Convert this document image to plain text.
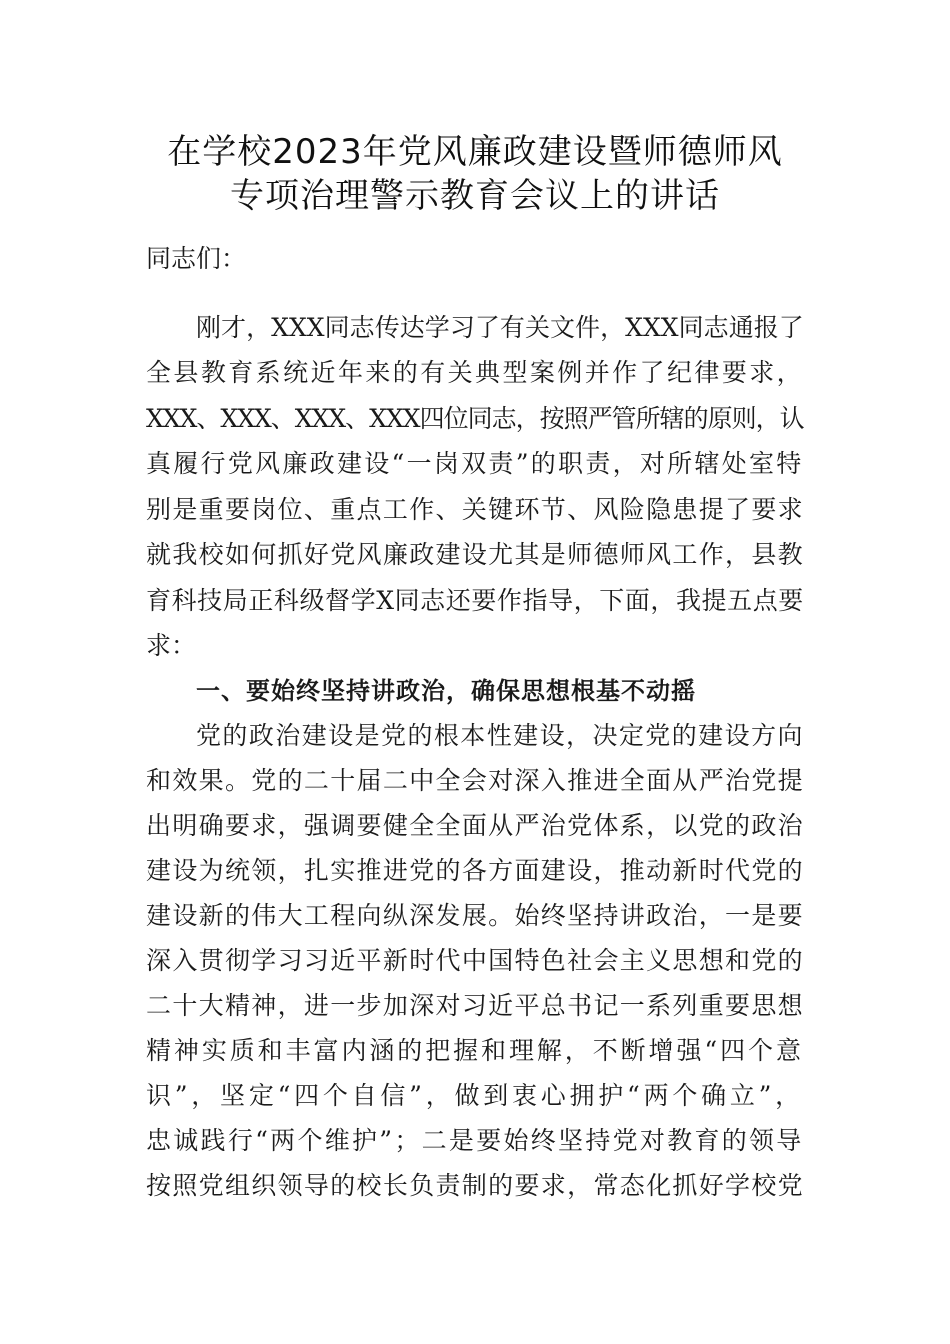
在学校2023年党风廉政建设暨师德师风
专项治理警示教育会议上的讲话
同志们：
刚才，XXX同志传达学习了有关文件，XXX同志通报了
全县教育系统近年来的有关典型案例并作了纪律要求，
XXX、XXX、XXX、XXX四位同志，按照严管所辖的原则，认
真履行党风廉政建设“一岗双责”的职责，对所辖处室特
别是重要岗位、重点工作、关键环节、风险隐患提了要求
就我校如何抓好党风廉政建设尤其是师德师风工作，县教
育科技局正科级督学X同志还要作指导，下面，我提五点要
求：
一、要始终坚持讲政治，确保思想根基不动摇
党的政治建设是党的根本性建设，决定党的建设方向
和效果。党的二十届二中全会对深入推进全面从严治党提
出明确要求，强调要健全全面从严治党体系，以党的政治
建设为统领，扎实推进党的各方面建设，推动新时代党的
建设新的伟大工程向纵深发展。始终坚持讲政治，一是要
深入贯彻学习习近平新时代中国特色社会主义思想和党的
二十大精神，进一步加深对习近平总书记一系列重要思想
精神实质和丰富内涵的把握和理解，不断增强“四个意
识”，坚定“四个自信”，做到衷心拥护“两个确立”，
忠诚践行“两个维护”；二是要始终坚持党对教育的领导
按照党组织领导的校长负责制的要求，常态化抓好学校党
